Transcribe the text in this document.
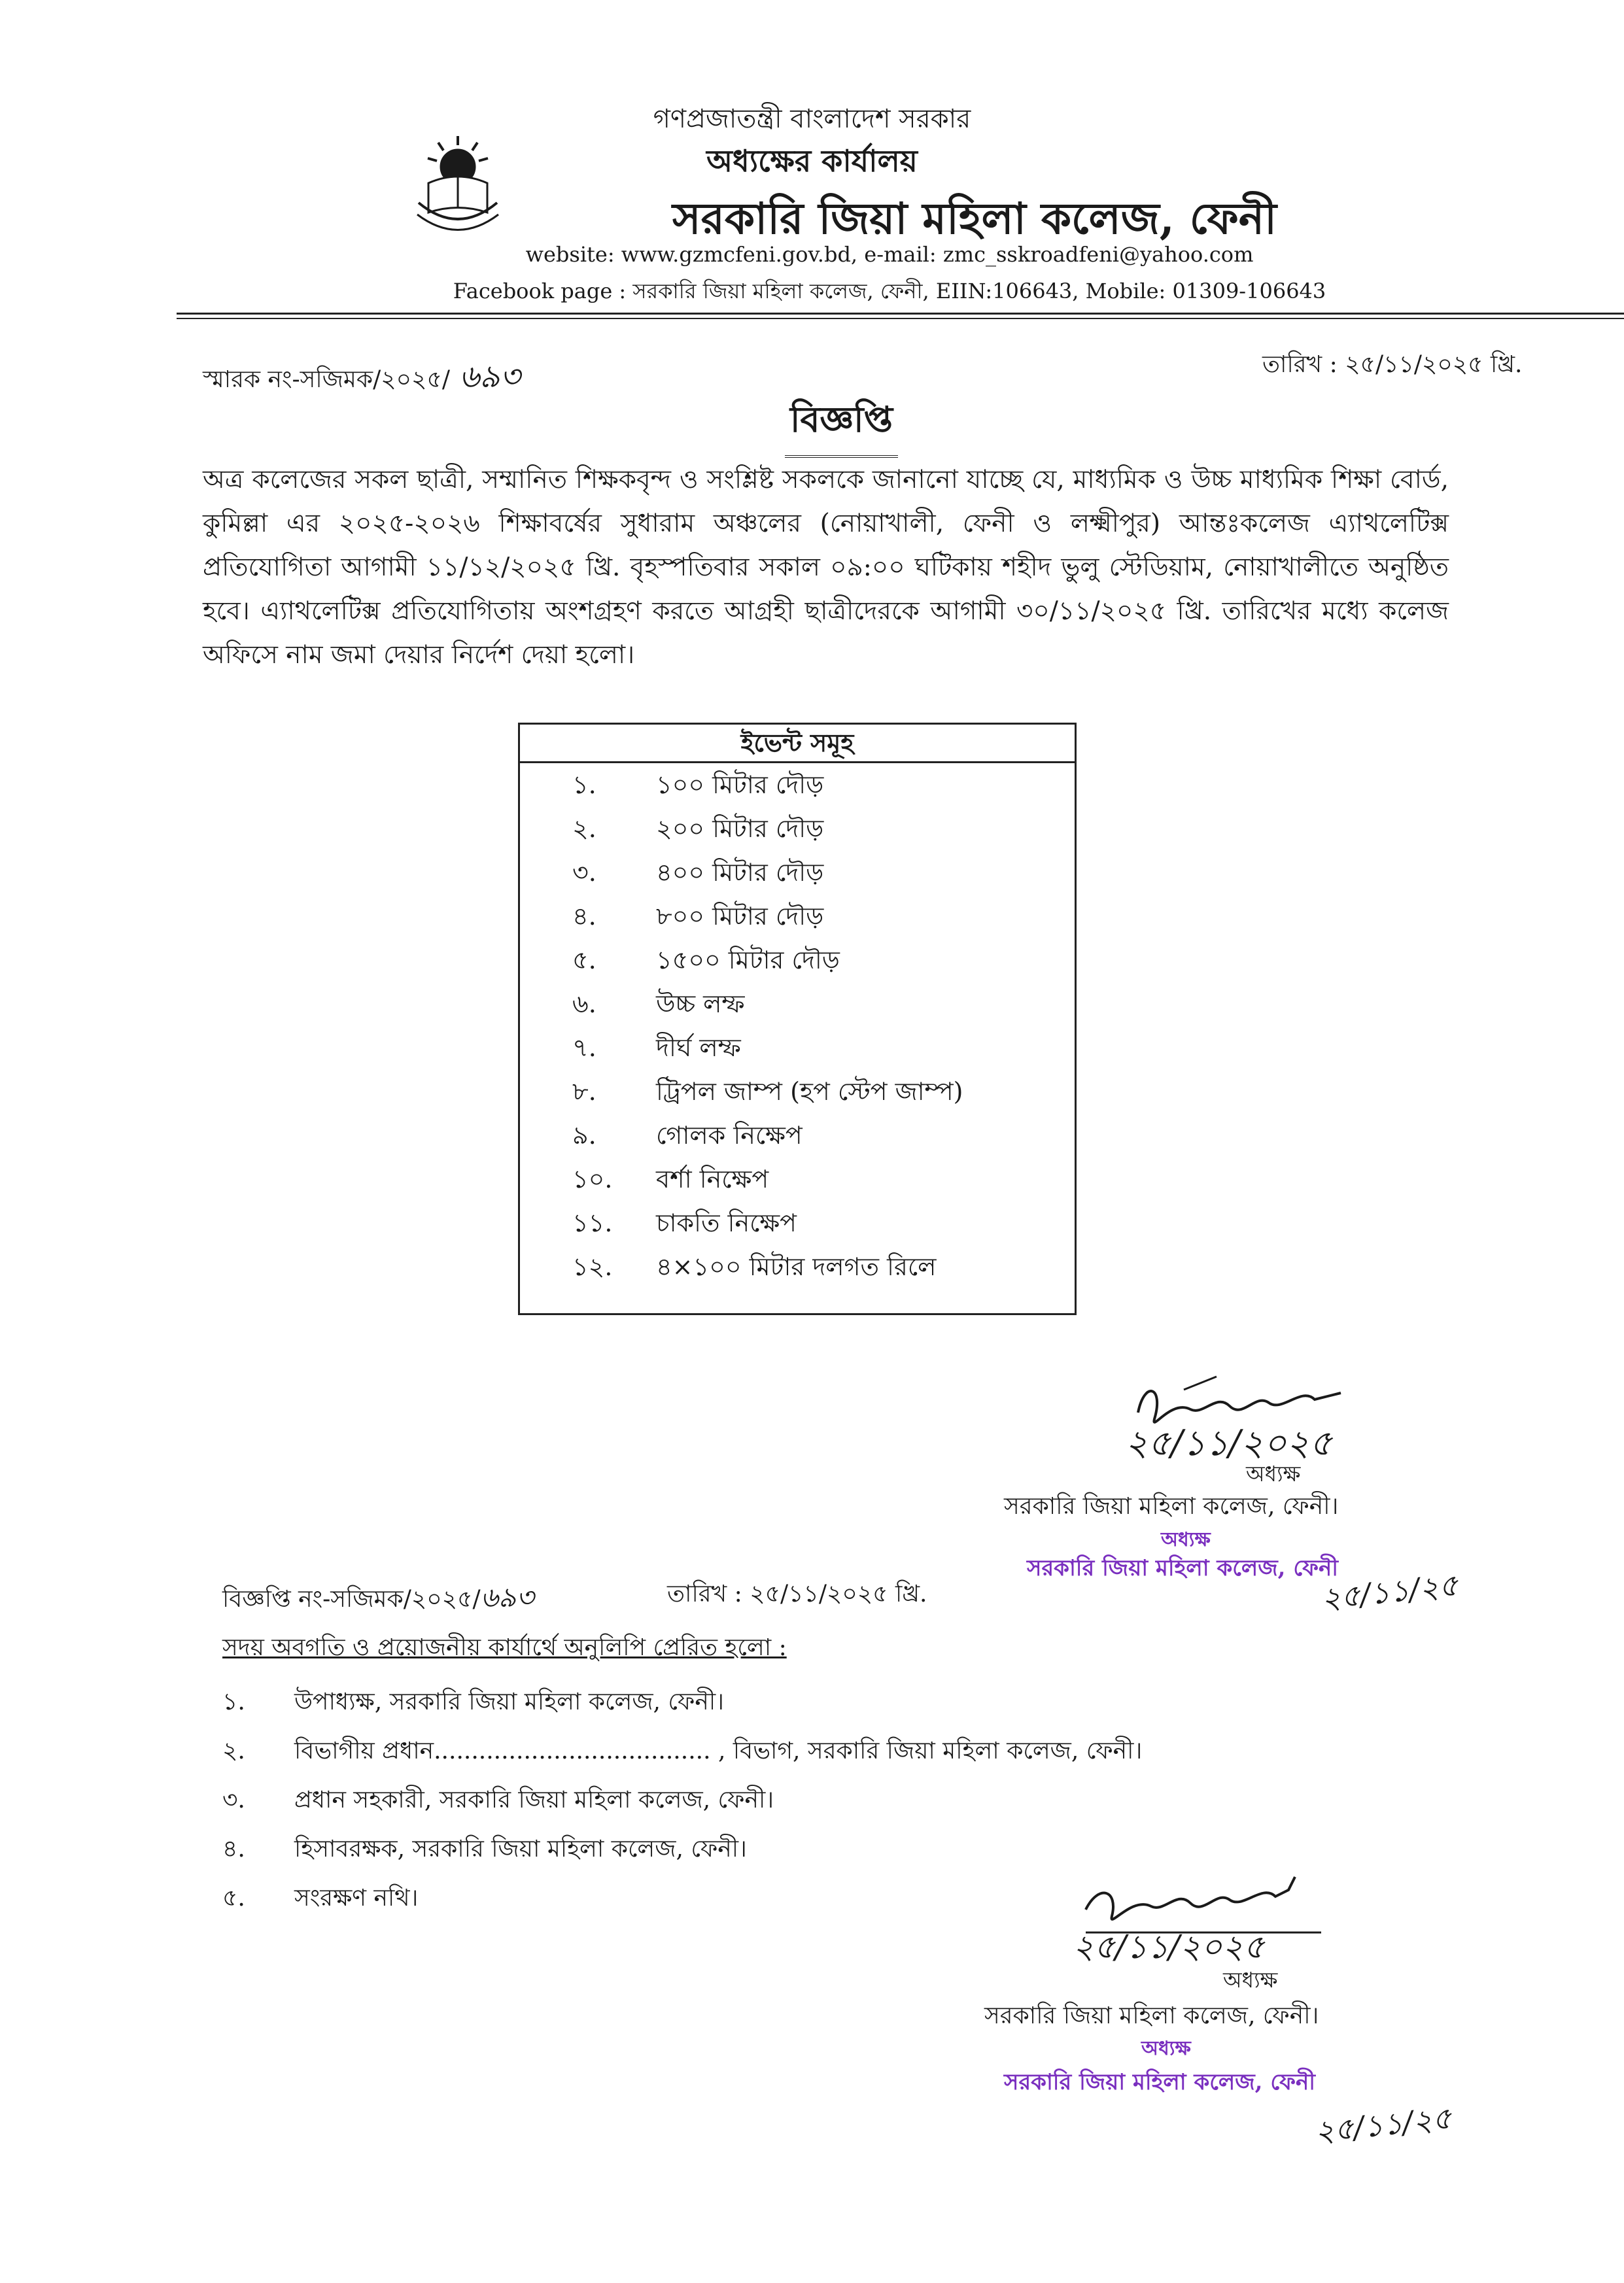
গণপ্রজাতন্ত্রী বাংলাদেশ সরকার
অধ্যক্ষের কার্যালয়
সরকারি জিয়া মহিলা কলেজ, ফেনী
website: www.gzmcfeni.gov.bd, e-mail: zmc_sskroadfeni@yahoo.com
Facebook page : সরকারি জিয়া মহিলা কলেজ, ফেনী, EIIN:106643, Mobile: 01309-106643
স্মারক নং-সজিমক/২০২৫/ ৬৯৩	তারিখ : ২৫/১১/২০২৫ খ্রি.
বিজ্ঞপ্তি
অত্র কলেজের সকল ছাত্রী, সম্মানিত শিক্ষকবৃন্দ ও সংশ্লিষ্ট সকলকে জানানো যাচ্ছে যে, মাধ্যমিক ও উচ্চ মাধ্যমিক শিক্ষা বোর্ড, কুমিল্লা এর ২০২৫-২০২৬ শিক্ষাবর্ষের সুধারাম অঞ্চলের (নোয়াখালী, ফেনী ও লক্ষ্মীপুর) আন্তঃকলেজ এ্যাথলেটিক্স প্রতিযোগিতা আগামী ১১/১২/২০২৫ খ্রি. বৃহস্পতিবার সকাল ০৯:০০ ঘটিকায় শহীদ ভুলু স্টেডিয়াম, নোয়াখালীতে অনুষ্ঠিত হবে। এ্যাথলেটিক্স প্রতিযোগিতায় অংশগ্রহণ করতে আগ্রহী ছাত্রীদেরকে আগামী ৩০/১১/২০২৫ খ্রি. তারিখের মধ্যে কলেজ অফিসে নাম জমা দেয়ার নির্দেশ দেয়া হলো।
ইভেন্ট সমূহ
১. ১০০ মিটার দৌড়
২. ২০০ মিটার দৌড়
৩. ৪০০ মিটার দৌড়
৪. ৮০০ মিটার দৌড়
৫. ১৫০০ মিটার দৌড়
৬. উচ্চ লম্ফ
৭. দীর্ঘ লম্ফ
৮. ট্রিপল জাম্প (হপ স্টেপ জাম্প)
৯. গোলক নিক্ষেপ
১০. বর্শা নিক্ষেপ
১১. চাকতি নিক্ষেপ
১২. ৪×১০০ মিটার দলগত রিলে
২৫/১১/২০২৫
অধ্যক্ষ
সরকারি জিয়া মহিলা কলেজ, ফেনী।
অধ্যক্ষ
সরকারি জিয়া মহিলা কলেজ, ফেনী
২৫/১১/২৫
বিজ্ঞপ্তি নং-সজিমক/২০২৫/৬৯৩	তারিখ : ২৫/১১/২০২৫ খ্রি.
সদয় অবগতি ও প্রয়োজনীয় কার্যার্থে অনুলিপি প্রেরিত হলো :
১. উপাধ্যক্ষ, সরকারি জিয়া মহিলা কলেজ, ফেনী।
২. বিভাগীয় প্রধান..................................... , বিভাগ, সরকারি জিয়া মহিলা কলেজ, ফেনী।
৩. প্রধান সহকারী, সরকারি জিয়া মহিলা কলেজ, ফেনী।
৪. হিসাবরক্ষক, সরকারি জিয়া মহিলা কলেজ, ফেনী।
৫. সংরক্ষণ নথি।
২৫/১১/২০২৫
অধ্যক্ষ
সরকারি জিয়া মহিলা কলেজ, ফেনী।
অধ্যক্ষ
সরকারি জিয়া মহিলা কলেজ, ফেনী
২৫/১১/২৫
